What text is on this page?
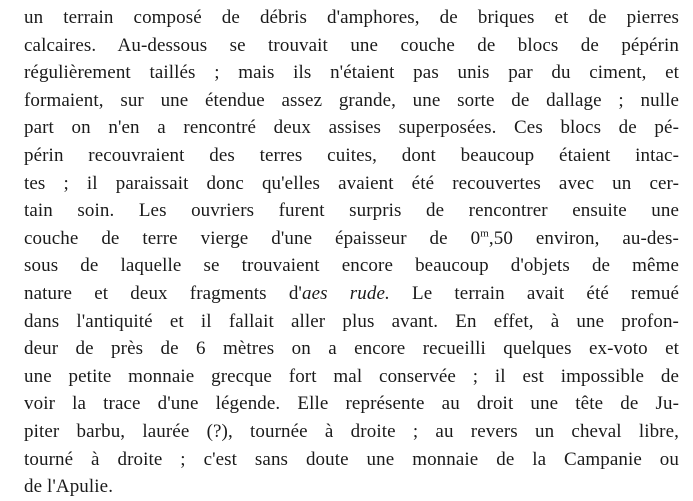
un terrain composé de débris d'amphores, de briques et de pierres
calcaires. Au-dessous se trouvait une couche de blocs de pépérin
régulièrement taillés ; mais ils n'étaient pas unis par du ciment, et
formaient, sur une étendue assez grande, une sorte de dallage ; nulle
part on n'en a rencontré deux assises superposées. Ces blocs de pé-
périn recouvraient des terres cuites, dont beaucoup étaient intac-
tes ; il paraissait donc qu'elles avaient été recouvertes avec un cer-
tain soin. Les ouvriers furent surpris de rencontrer ensuite une
couche de terre vierge d'une épaisseur de 0$^m$,50 environ, au-des-
sous de laquelle se trouvaient encore beaucoup d'objets de même
nature et deux fragments d'aes rude. Le terrain avait été remué
dans l'antiquité et il fallait aller plus avant. En effet, à une profon-
deur de près de 6 mètres on a encore recueilli quelques ex-voto et
une petite monnaie grecque fort mal conservée ; il est impossible de
voir la trace d'une légende. Elle représente au droit une tête de Ju-
piter barbu, laurée (?), tournée à droite ; au revers un cheval libre,
tourné à droite ; c'est sans doute une monnaie de la Campanie ou
de l'Apulie.
